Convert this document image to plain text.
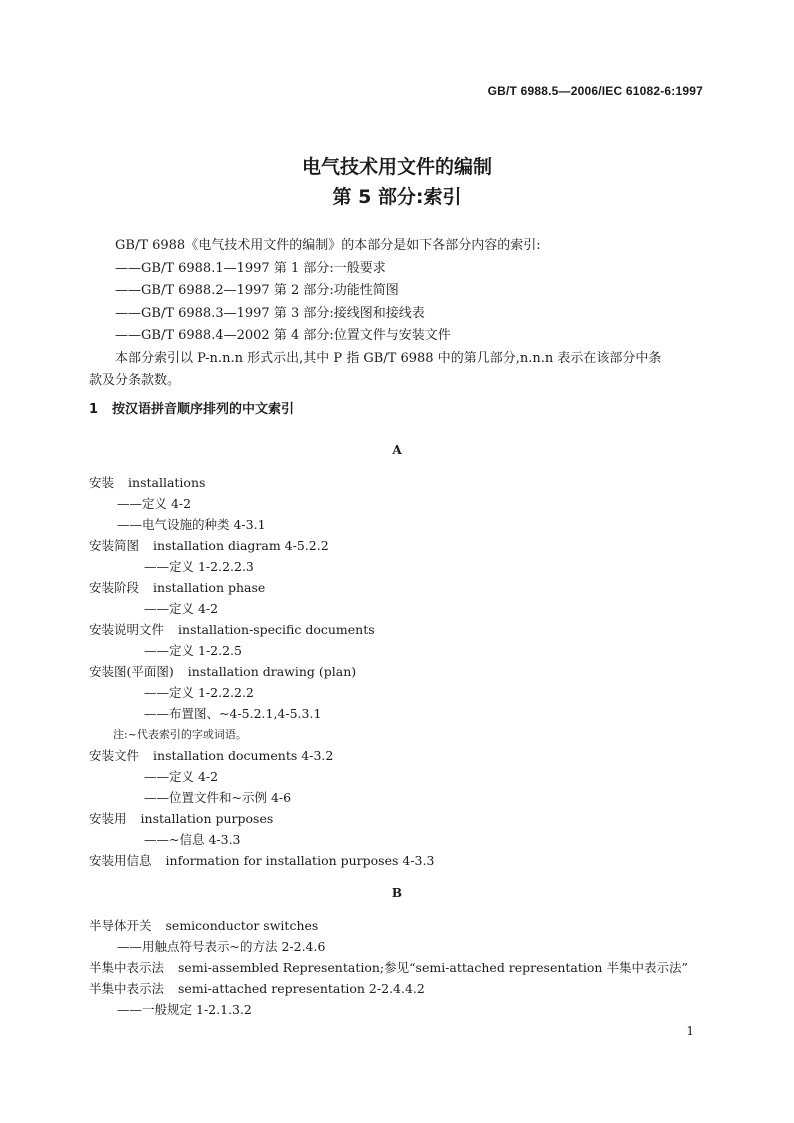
GB/T 6988.5—2006/IEC 61082-6:1997
电气技术用文件的编制
第 5 部分:索引

GB/T 6988《电气技术用文件的编制》的本部分是如下各部分内容的索引:

——GB/T 6988.1—1997 第 1 部分:一般要求

——GB/T 6988.2—1997 第 2 部分:功能性简图

——GB/T 6988.3—1997 第 3 部分:接线图和接线表

——GB/T 6988.4—2002 第 4 部分:位置文件与安装文件

本部分索引以 P-n.n.n 形式示出,其中 P 指 GB/T 6988 中的第几部分,n.n.n 表示在该部分中条

款及分条款数。

1 按汉语拼音顺序排列的中文索引
A
安装 installations
——定义 4-2
——电气设施的种类 4-3.1
安装简图 installation diagram 4-5.2.2
——定义 1-2.2.2.3
安装阶段 installation phase
——定义 4-2
安装说明文件 installation-specific documents
——定义 1-2.2.5
安装图(平面图) installation drawing (plan)
——定义 1-2.2.2.2
——布置图、~4-5.2.1,4-5.3.1
注:~代表索引的字或词语。
安装文件 installation documents 4-3.2
——定义 4-2
——位置文件和~示例 4-6
安装用 installation purposes
——~信息 4-3.3
安装用信息 information for installation purposes 4-3.3
B
半导体开关 semiconductor switches
——用触点符号表示~的方法 2-2.4.6
半集中表示法 semi-assembled Representation;参见“semi-attached representation 半集中表示法”
半集中表示法 semi-attached representation 2-2.4.4.2
——一般规定 1-2.1.3.2
1
